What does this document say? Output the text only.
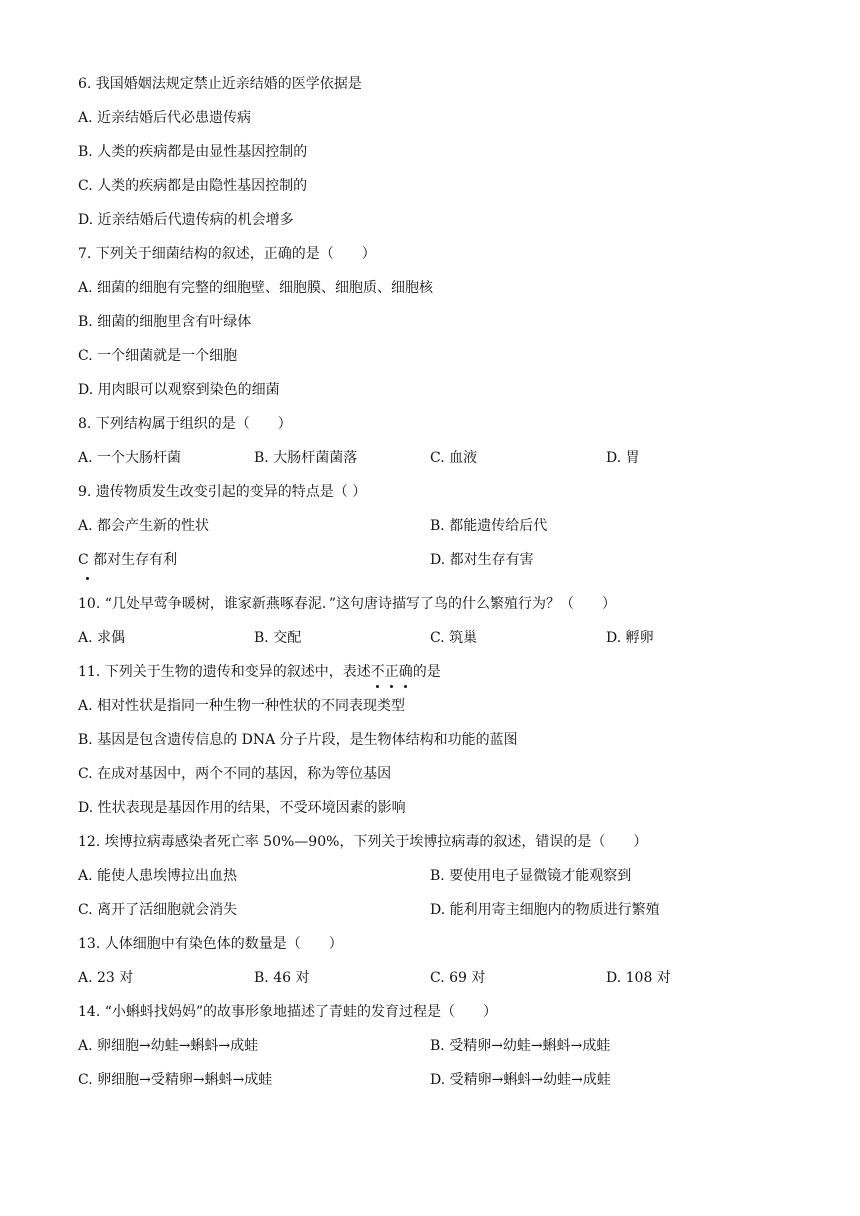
6. 我国婚姻法规定禁止近亲结婚的医学依据是
A. 近亲结婚后代必患遗传病
B. 人类的疾病都是由显性基因控制的
C. 人类的疾病都是由隐性基因控制的
D. 近亲结婚后代遗传病的机会增多
7. 下列关于细菌结构的叙述，正确的是（　　）
A. 细菌的细胞有完整的细胞壁、细胞膜、细胞质、细胞核
B. 细菌的细胞里含有叶绿体
C. 一个细菌就是一个细胞
D. 用肉眼可以观察到染色的细菌
8. 下列结构属于组织的是（　　）
A. 一个大肠杆菌	B. 大肠杆菌菌落	C. 血液	D. 胃
9. 遗传物质发生改变引起的变异的特点是（ ）
A. 都会产生新的性状	B. 都能遗传给后代
C 都对生存有利	D. 都对生存有害
10. “几处早莺争暖树，谁家新燕啄春泥．”这句唐诗描写了鸟的什么繁殖行为？（　　）
A. 求偶	B. 交配	C. 筑巢	D. 孵卵
11. 下列关于生物的遗传和变异的叙述中，表述不正确的是
A. 相对性状是指同一种生物一种性状的不同表现类型
B. 基因是包含遗传信息的 DNA 分子片段，是生物体结构和功能的蓝图
C. 在成对基因中，两个不同的基因，称为等位基因
D. 性状表现是基因作用的结果，不受环境因素的影响
12. 埃博拉病毒感染者死亡率 50%—90%，下列关于埃博拉病毒的叙述，错误的是（　　）
A. 能使人患埃博拉出血热	B. 要使用电子显微镜才能观察到
C. 离开了活细胞就会消失	D. 能利用寄主细胞内的物质进行繁殖
13. 人体细胞中有染色体的数量是（　　）
A. 23 对	B. 46 对	C. 69 对	D. 108 对
14. “小蝌蚪找妈妈”的故事形象地描述了青蛙的发育过程是（　　）
A. 卵细胞→幼蛙→蝌蚪→成蛙	B. 受精卵→幼蛙→蝌蚪→成蛙
C. 卵细胞→受精卵→蝌蚪→成蛙	D. 受精卵→蝌蚪→幼蛙→成蛙
